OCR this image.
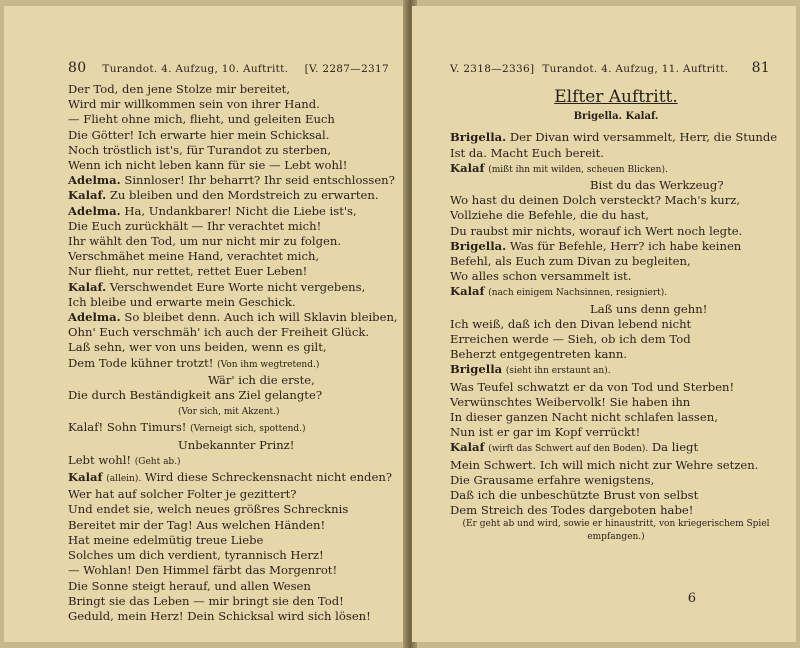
80 Turandot. 4. Aufzug, 10. Auftritt. [V. 2287—2317
Der Tod, den jene Stolze mir bereitet,
Wird mir willkommen sein von ihrer Hand.
— Flieht ohne mich, flieht, und geleiten Euch
Die Götter! Ich erwarte hier mein Schicksal.
Noch tröstlich ist's, für Turandot zu sterben,
Wenn ich nicht leben kann für sie — Lebt wohl!
Adelma. Sinnloser! Ihr beharrt? Ihr seid entschlossen?
Kalaf. Zu bleiben und den Mordstreich zu erwarten.
Adelma. Ha, Undankbarer! Nicht die Liebe ist's,
Die Euch zurückhält — Ihr verachtet mich!
Ihr wählt den Tod, um nur nicht mir zu folgen.
Verschmähet meine Hand, verachtet mich,
Nur flieht, nur rettet, rettet Euer Leben!
Kalaf. Verschwendet Eure Worte nicht vergebens,
Ich bleibe und erwarte mein Geschick.
Adelma. So bleibet denn. Auch ich will Sklavin bleiben,
Ohn' Euch verschmäh' ich auch der Freiheit Glück.
Laß sehn, wer von uns beiden, wenn es gilt,
Dem Tode kühner trotzt! (Von ihm wegtretend.)
Wär' ich die erste,
Die durch Beständigkeit ans Ziel gelangte?
(Vor sich, mit Akzent.)
Kalaf! Sohn Timurs! (Verneigt sich, spottend.)
Unbekannter Prinz!
Lebt wohl! (Geht ab.)
Kalaf (allein). Wird diese Schreckensnacht nicht enden?
Wer hat auf solcher Folter je gezittert?
Und endet sie, welch neues größres Schrecknis
Bereitet mir der Tag! Aus welchen Händen!
Hat meine edelmütig treue Liebe
Solches um dich verdient, tyrannisch Herz!
— Wohlan! Den Himmel färbt das Morgenrot!
Die Sonne steigt herauf, und allen Wesen
Bringt sie das Leben — mir bringt sie den Tod!
Geduld, mein Herz! Dein Schicksal wird sich lösen!
V. 2318—2336] Turandot. 4. Aufzug, 11. Auftritt. 81
Elfter Auftritt.
Brigella. Kalaf.
Brigella. Der Divan wird versammelt, Herr, die Stunde
Ist da. Macht Euch bereit.
Kalaf (mißt ihn mit wilden, scheuen Blicken).
Bist du das Werkzeug?
Wo hast du deinen Dolch versteckt? Mach's kurz,
Vollziehe die Befehle, die du hast,
Du raubst mir nichts, worauf ich Wert noch legte.
Brigella. Was für Befehle, Herr? ich habe keinen
Befehl, als Euch zum Divan zu begleiten,
Wo alles schon versammelt ist.
Kalaf (nach einigem Nachsinnen, resigniert).
Laß uns denn gehn!
Ich weiß, daß ich den Divan lebend nicht
Erreichen werde — Sieh, ob ich dem Tod
Beherzt entgegentreten kann.
Brigella (sieht ihn erstaunt an).
Was Teufel schwatzt er da von Tod und Sterben!
Verwünschtes Weibervolk! Sie haben ihn
In dieser ganzen Nacht nicht schlafen lassen,
Nun ist er gar im Kopf verrückt!
Kalaf (wirft das Schwert auf den Boden). Da liegt
Mein Schwert. Ich will mich nicht zur Wehre setzen.
Die Grausame erfahre wenigstens,
Daß ich die unbeschützte Brust von selbst
Dem Streich des Todes dargeboten habe!
(Er geht ab und wird, sowie er hinaustritt, von kriegerischem Spiel empfangen.)
6
